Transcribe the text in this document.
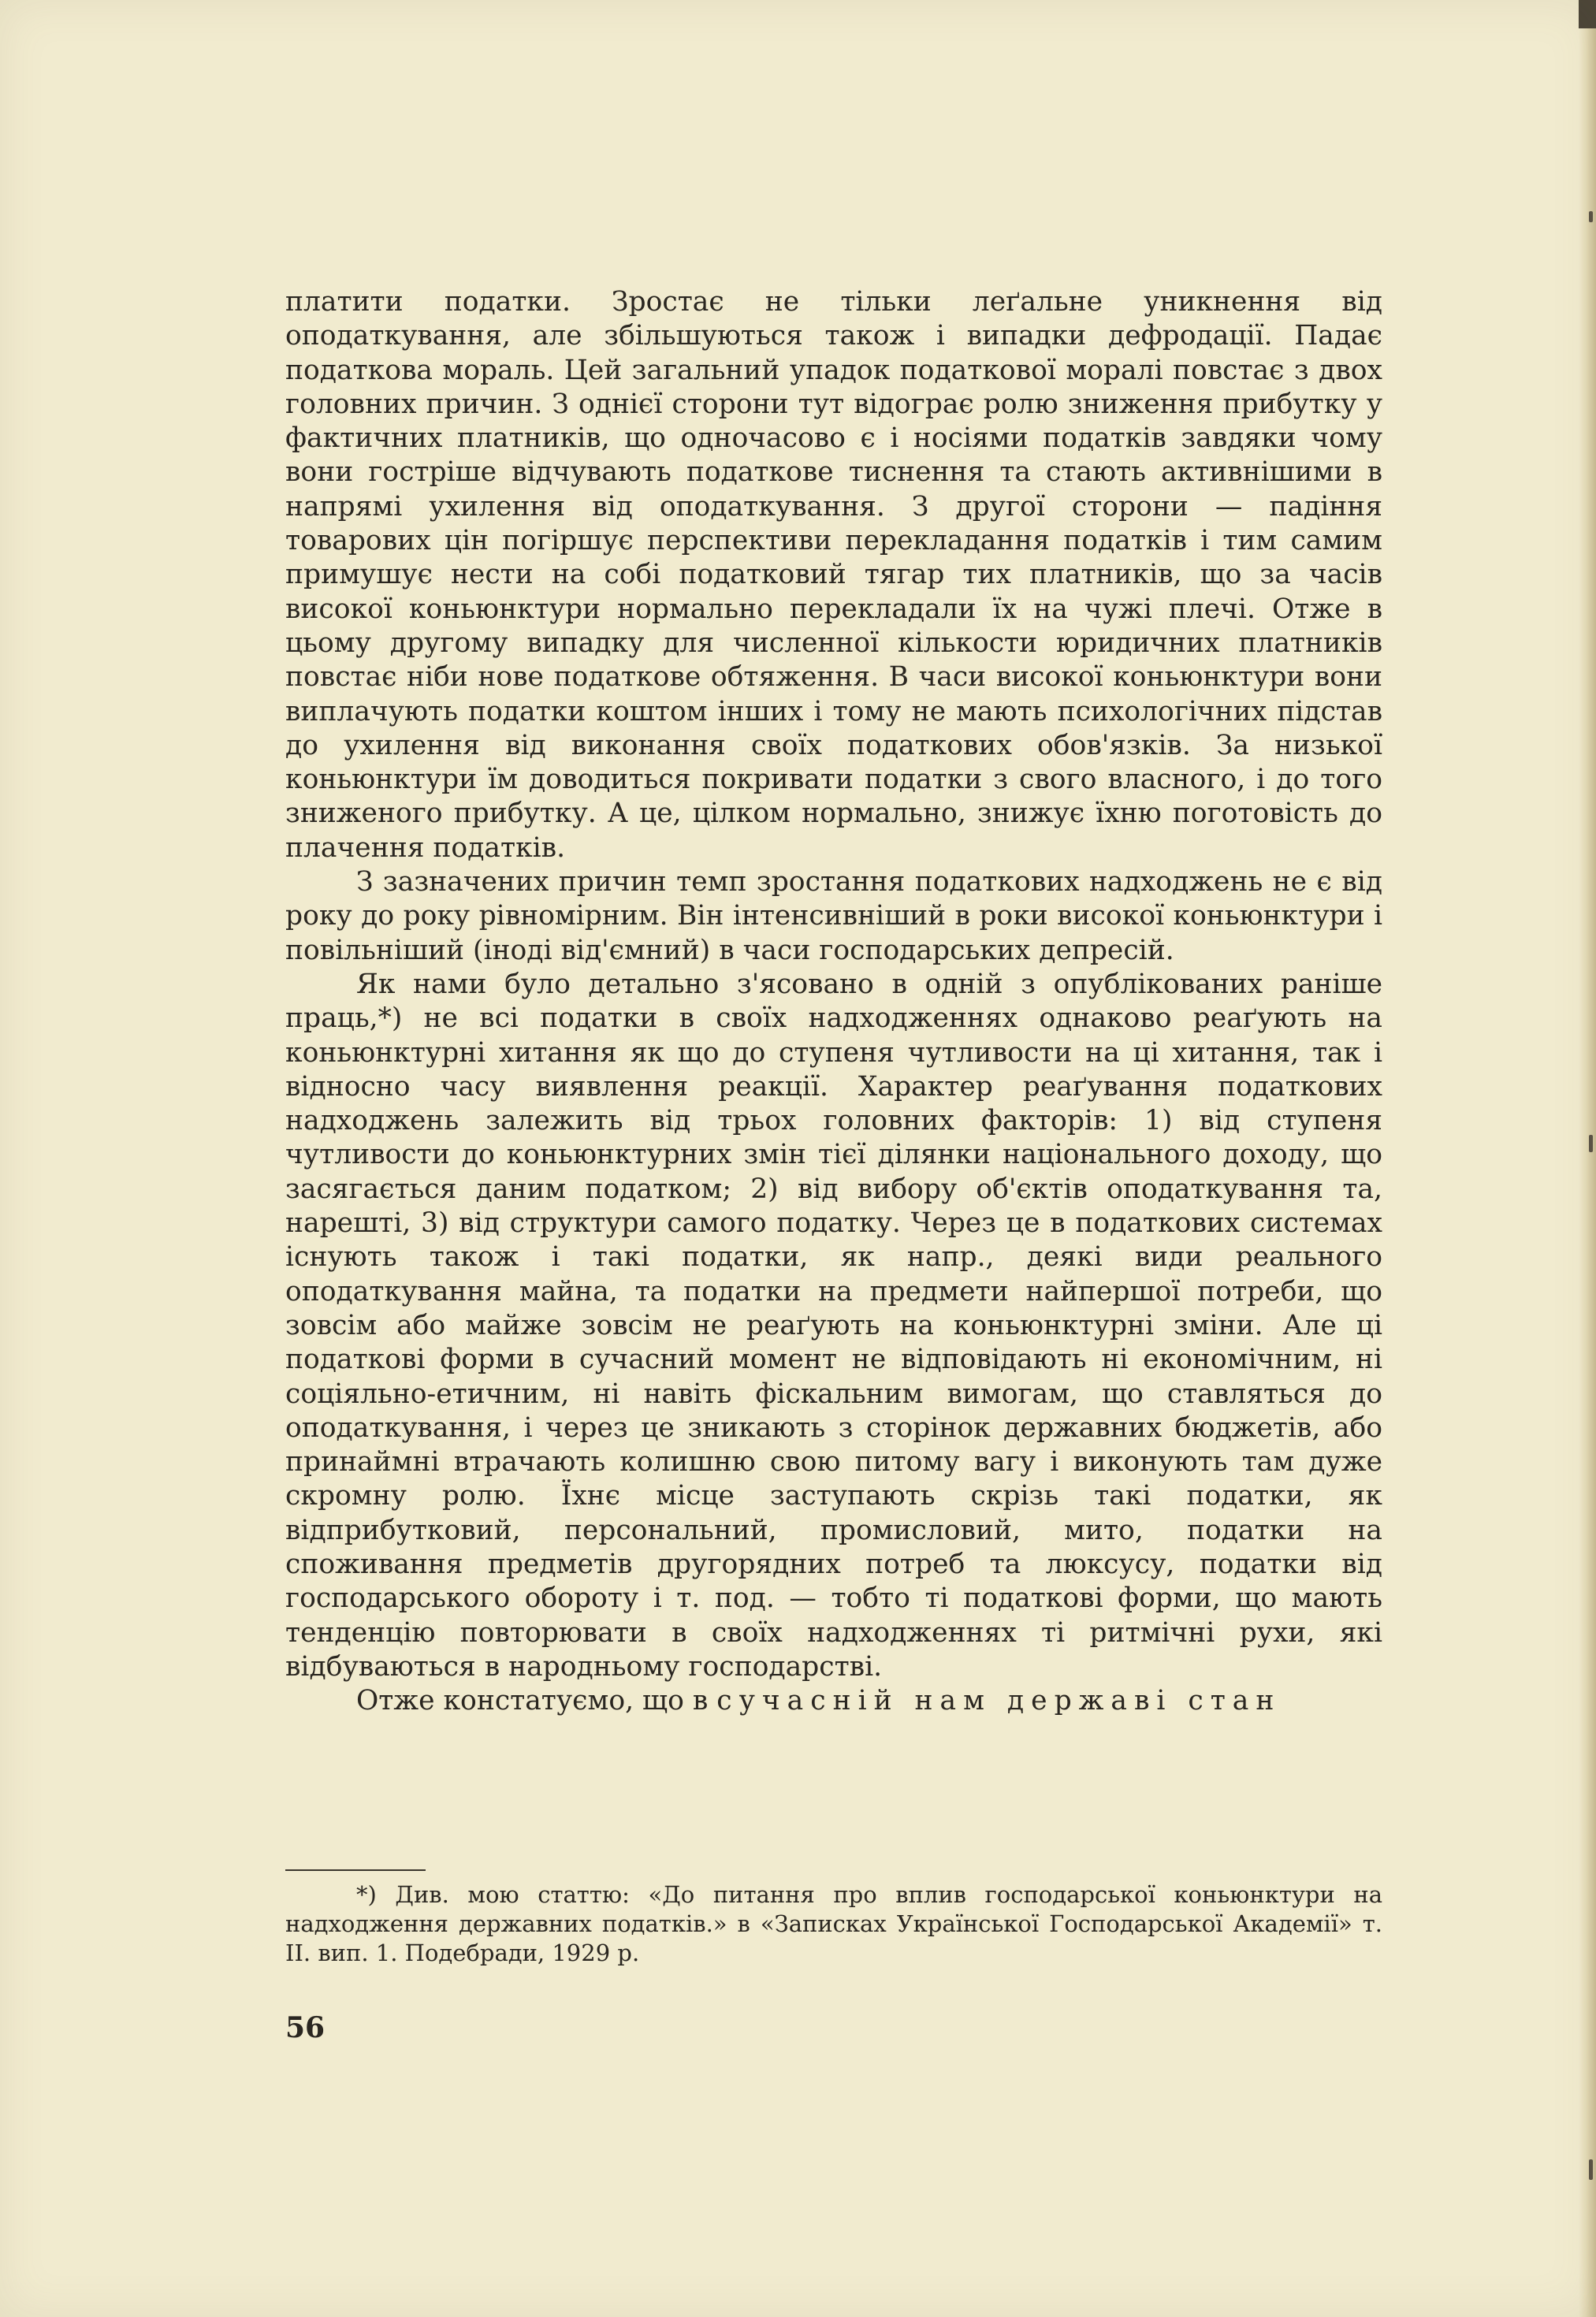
платити податки. Зростає не тільки леґальне уникнення від оподаткування, але збільшуються також і випадки дефродації. Падає податкова мораль. Цей загальний упадок податкової моралі повстає з двох головних причин. З однієї сторони тут відограє ролю зниження прибутку у фактичних платників, що одночасово є і носіями податків завдяки чому вони гостріше відчувають податкове тиснення та стають активнішими в напрямі ухилення від оподаткування. З другої сторони — падіння товарових цін погіршує перспективи перекладання податків і тим самим примушує нести на собі податковий тягар тих платників, що за часів високої коньюнктури нормально перекладали їх на чужі плечі. Отже в цьому другому випадку для численної кількости юридичних платників повстає ніби нове податкове обтяження. В часи високої коньюнктури вони виплачують податки коштом інших і тому не мають психологічних підстав до ухилення від виконання своїх податкових обов'язків. За низької коньюнктури їм доводиться покривати податки з свого власного, і до того зниженого прибутку. А це, цілком нормально, знижує їхню поготовість до плачення податків.

З зазначених причин темп зростання податкових надходжень не є від року до року рівномірним. Він інтенсивніший в роки високої коньюнктури і повільніший (іноді від'ємний) в часи господарських депресій.

Як нами було детально з'ясовано в одній з опублікованих раніше праць,*) не всі податки в своїх надходженнях однаково реаґують на коньюнктурні хитання як що до ступеня чутливости на ці хитання, так і відносно часу виявлення реакції. Характер реаґування податкових надходжень залежить від трьох головних факторів: 1) від ступеня чутливости до коньюнктурних змін тієї ділянки національного доходу, що засягається даним податком; 2) від вибору об'єктів оподаткування та, нарешті, 3) від структури самого податку. Через це в податкових системах існують також і такі податки, як напр., деякі види реального оподаткування майна, та податки на предмети найпершої потреби, що зовсім або майже зовсім не реаґують на коньюнктурні зміни. Але ці податкові форми в сучасний момент не відповідають ні економічним, ні соціяльно-етичним, ні навіть фіскальним вимогам, що ставляться до оподаткування, і через це зникають з сторінок державних бюджетів, або принаймні втрачають колишню свою питому вагу і виконують там дуже скромну ролю. Їхнє місце заступають скрізь такі податки, як відприбутковий, персональний, промисловий, мито, податки на споживання предметів другорядних потреб та люксусу, податки від господарського обороту і т. под. — тобто ті податкові форми, що мають тенденцію повторювати в своїх надходженнях ті ритмічні рухи, які відбуваються в народньому господарстві.

Отже констатуємо, що в сучасній нам державі стан

*) Див. мою статтю: «До питання про вплив господарської коньюнктури на надходження державних податків.» в «Записках Української Господарської Академії» т. II. вип. 1. Подебради, 1929 р.

56
